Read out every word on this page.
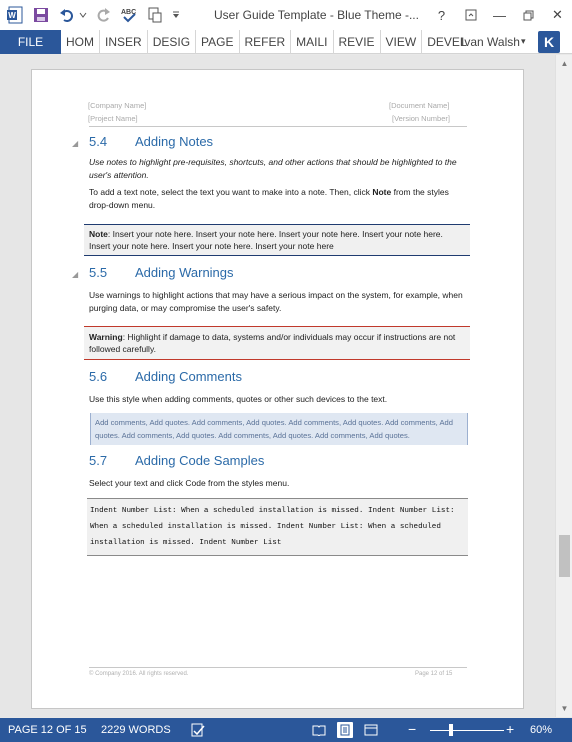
W	ABC	User Guide Template - Blue Theme -...	?	—	✕
FILE	HOM INSER DESIG PAGE REFER MAILI REVIE VIEW DEVEL
Ivan Walsh ▾	K
[Company Name]
[Project Name]
[Document Name]
[Version Number]
◢ 5.4 Adding Notes
Use notes to highlight pre-requisites, shortcuts, and other actions that should be highlighted to the user's attention.
To add a text note, select the text you want to make into a note. Then, click Note from the styles drop-down menu.
Note: Insert your note here. Insert your note here. Insert your note here. Insert your note here. Insert your note here. Insert your note here. Insert your note here
◢ 5.5 Adding Warnings
Use warnings to highlight actions that may have a serious impact on the system, for example, when purging data, or may compromise the user's safety.
Warning: Highlight if damage to data, systems and/or individuals may occur if instructions are not followed carefully.
5.6 Adding Comments
Use this style when adding comments, quotes or other such devices to the text.
Add comments, Add quotes. Add comments, Add quotes. Add comments, Add quotes. Add comments, Add quotes. Add comments, Add quotes. Add comments, Add quotes. Add comments, Add quotes.
5.7 Adding Code Samples
Select your text and click Code from the styles menu.
Indent Number List: When a scheduled installation is missed. Indent Number List: When a scheduled installation is missed. Indent Number List: When a scheduled installation is missed. Indent Number List
© Company 2016. All rights reserved.	Page 12 of 15
▲
▼
PAGE 12 OF 15 2229 WORDS	−	+ 60%
